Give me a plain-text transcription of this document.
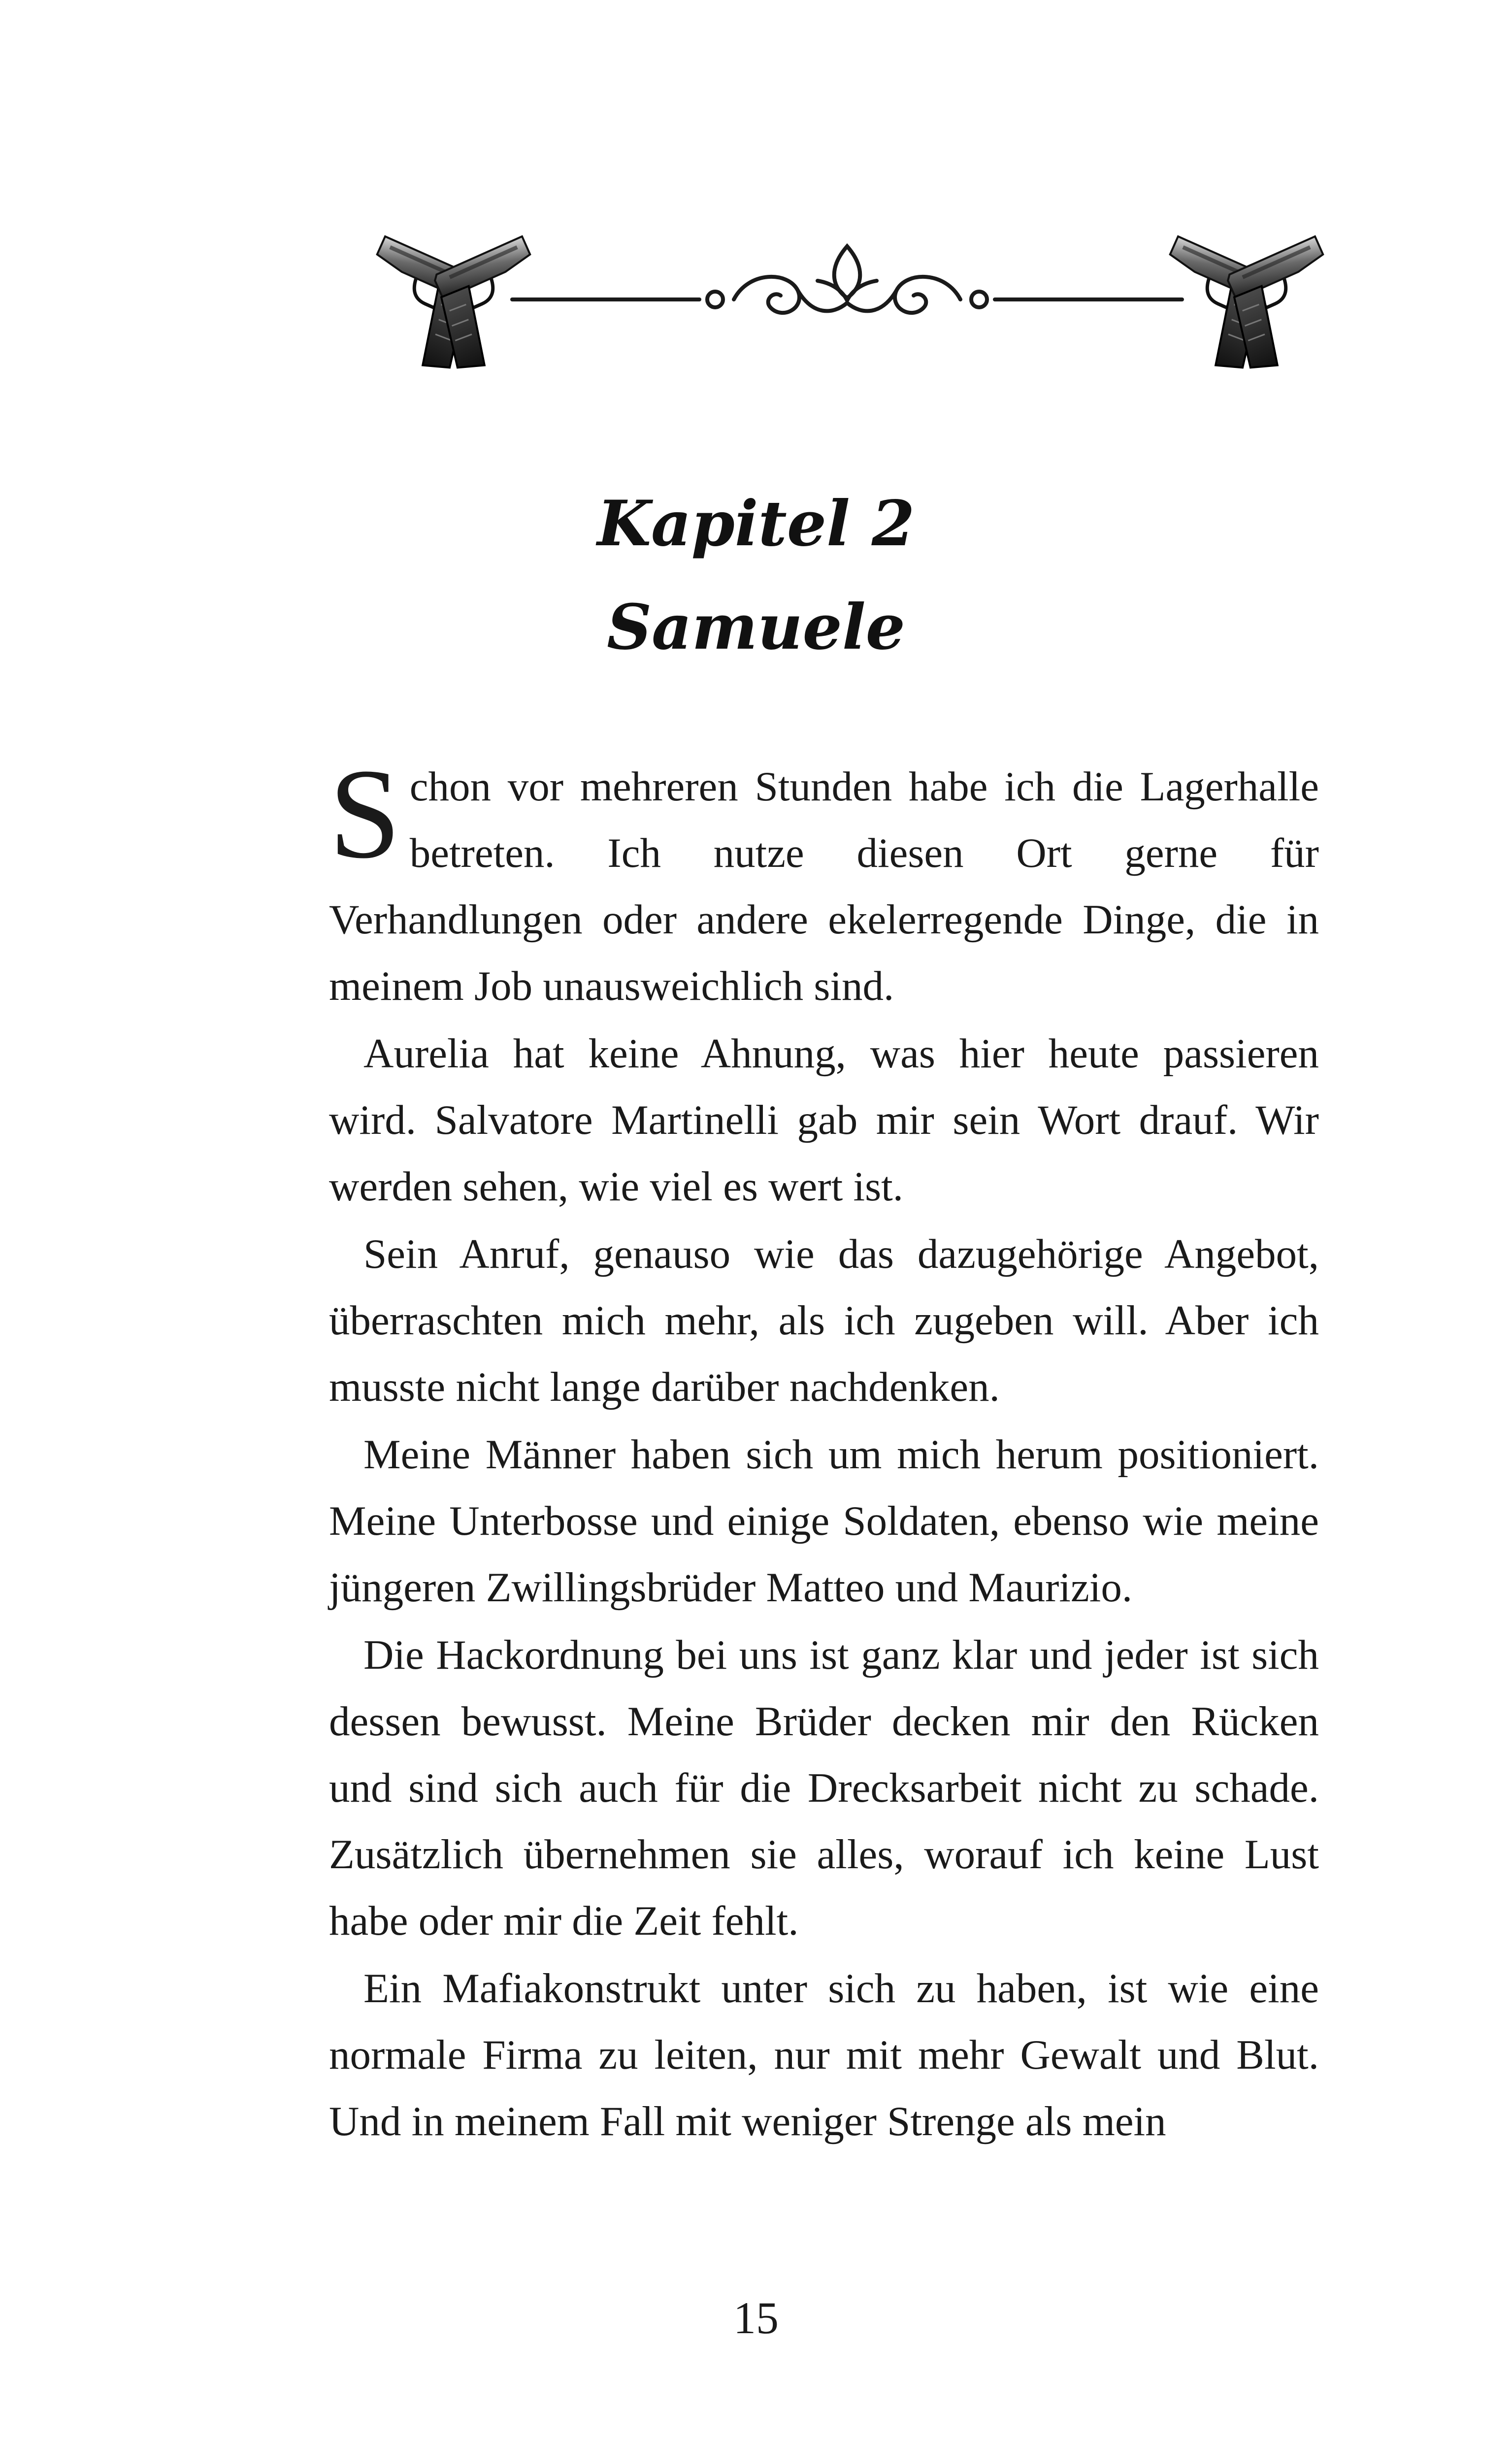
Kapitel 2
Samuele

Schon vor mehreren Stunden habe ich die Lagerhalle betreten. Ich nutze diesen Ort gerne für Verhandlungen oder andere ekelerregende Dinge, die in meinem Job unausweichlich sind.

Aurelia hat keine Ahnung, was hier heute passieren wird. Salvatore Martinelli gab mir sein Wort drauf. Wir werden sehen, wie viel es wert ist.

Sein Anruf, genauso wie das dazugehörige Angebot, überraschten mich mehr, als ich zugeben will. Aber ich musste nicht lange darüber nachdenken.

Meine Männer haben sich um mich herum positioniert. Meine Unterbosse und einige Soldaten, ebenso wie meine jüngeren Zwillingsbrüder Matteo und Maurizio.

Die Hackordnung bei uns ist ganz klar und jeder ist sich dessen bewusst. Meine Brüder decken mir den Rücken und sind sich auch für die Drecksarbeit nicht zu schade. Zusätzlich übernehmen sie alles, worauf ich keine Lust habe oder mir die Zeit fehlt.

Ein Mafiakonstrukt unter sich zu haben, ist wie eine normale Firma zu leiten, nur mit mehr Gewalt und Blut. Und in meinem Fall mit weniger Strenge als mein

15
